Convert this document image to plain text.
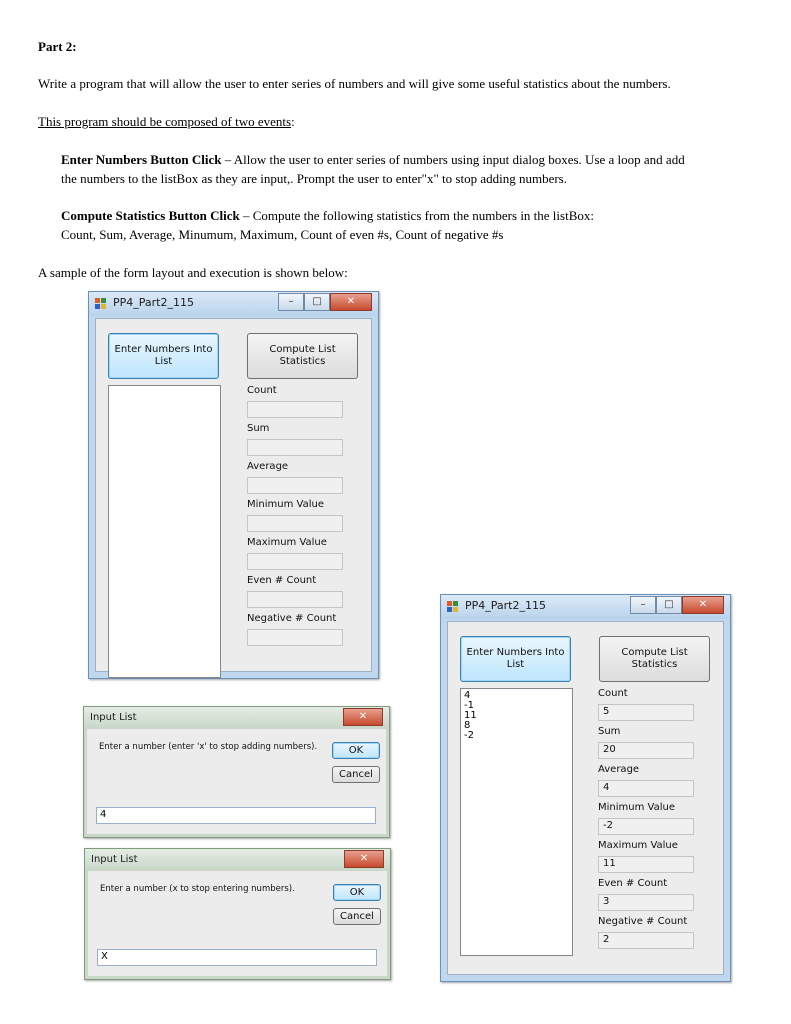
Part 2:
Write a program that will allow the user to enter series of numbers and will give some useful statistics about the numbers.
This program should be composed of two events:
Enter Numbers Button Click – Allow the user to enter series of numbers using input dialog boxes. Use a loop and add
the numbers to the listBox as they are input,. Prompt the user to enter"x" to stop adding numbers.
Compute Statistics Button Click – Compute the following statistics from the numbers in the listBox:
Count, Sum, Average, Minumum, Maximum, Count of even #s, Count of negative #s
A sample of the form layout and execution is shown below:
PP4_Part2_115	–	□	✕
Enter Numbers Into List
Compute List Statistics
Count
Sum
Average
Minimum Value
Maximum Value
Even # Count
Negative # Count
PP4_Part2_115	–	□	✕
Enter Numbers Into List
Compute List Statistics
4
-1
11
8
-2
Count
5
Sum
20
Average
4
Minimum Value
-2
Maximum Value
11
Even # Count
3
Negative # Count
2
Input List	✕
Enter a number (enter 'x' to stop adding numbers).	OK
Cancel
4
Input List	✕
Enter a number (x to stop entering numbers).	OK
Cancel
X
